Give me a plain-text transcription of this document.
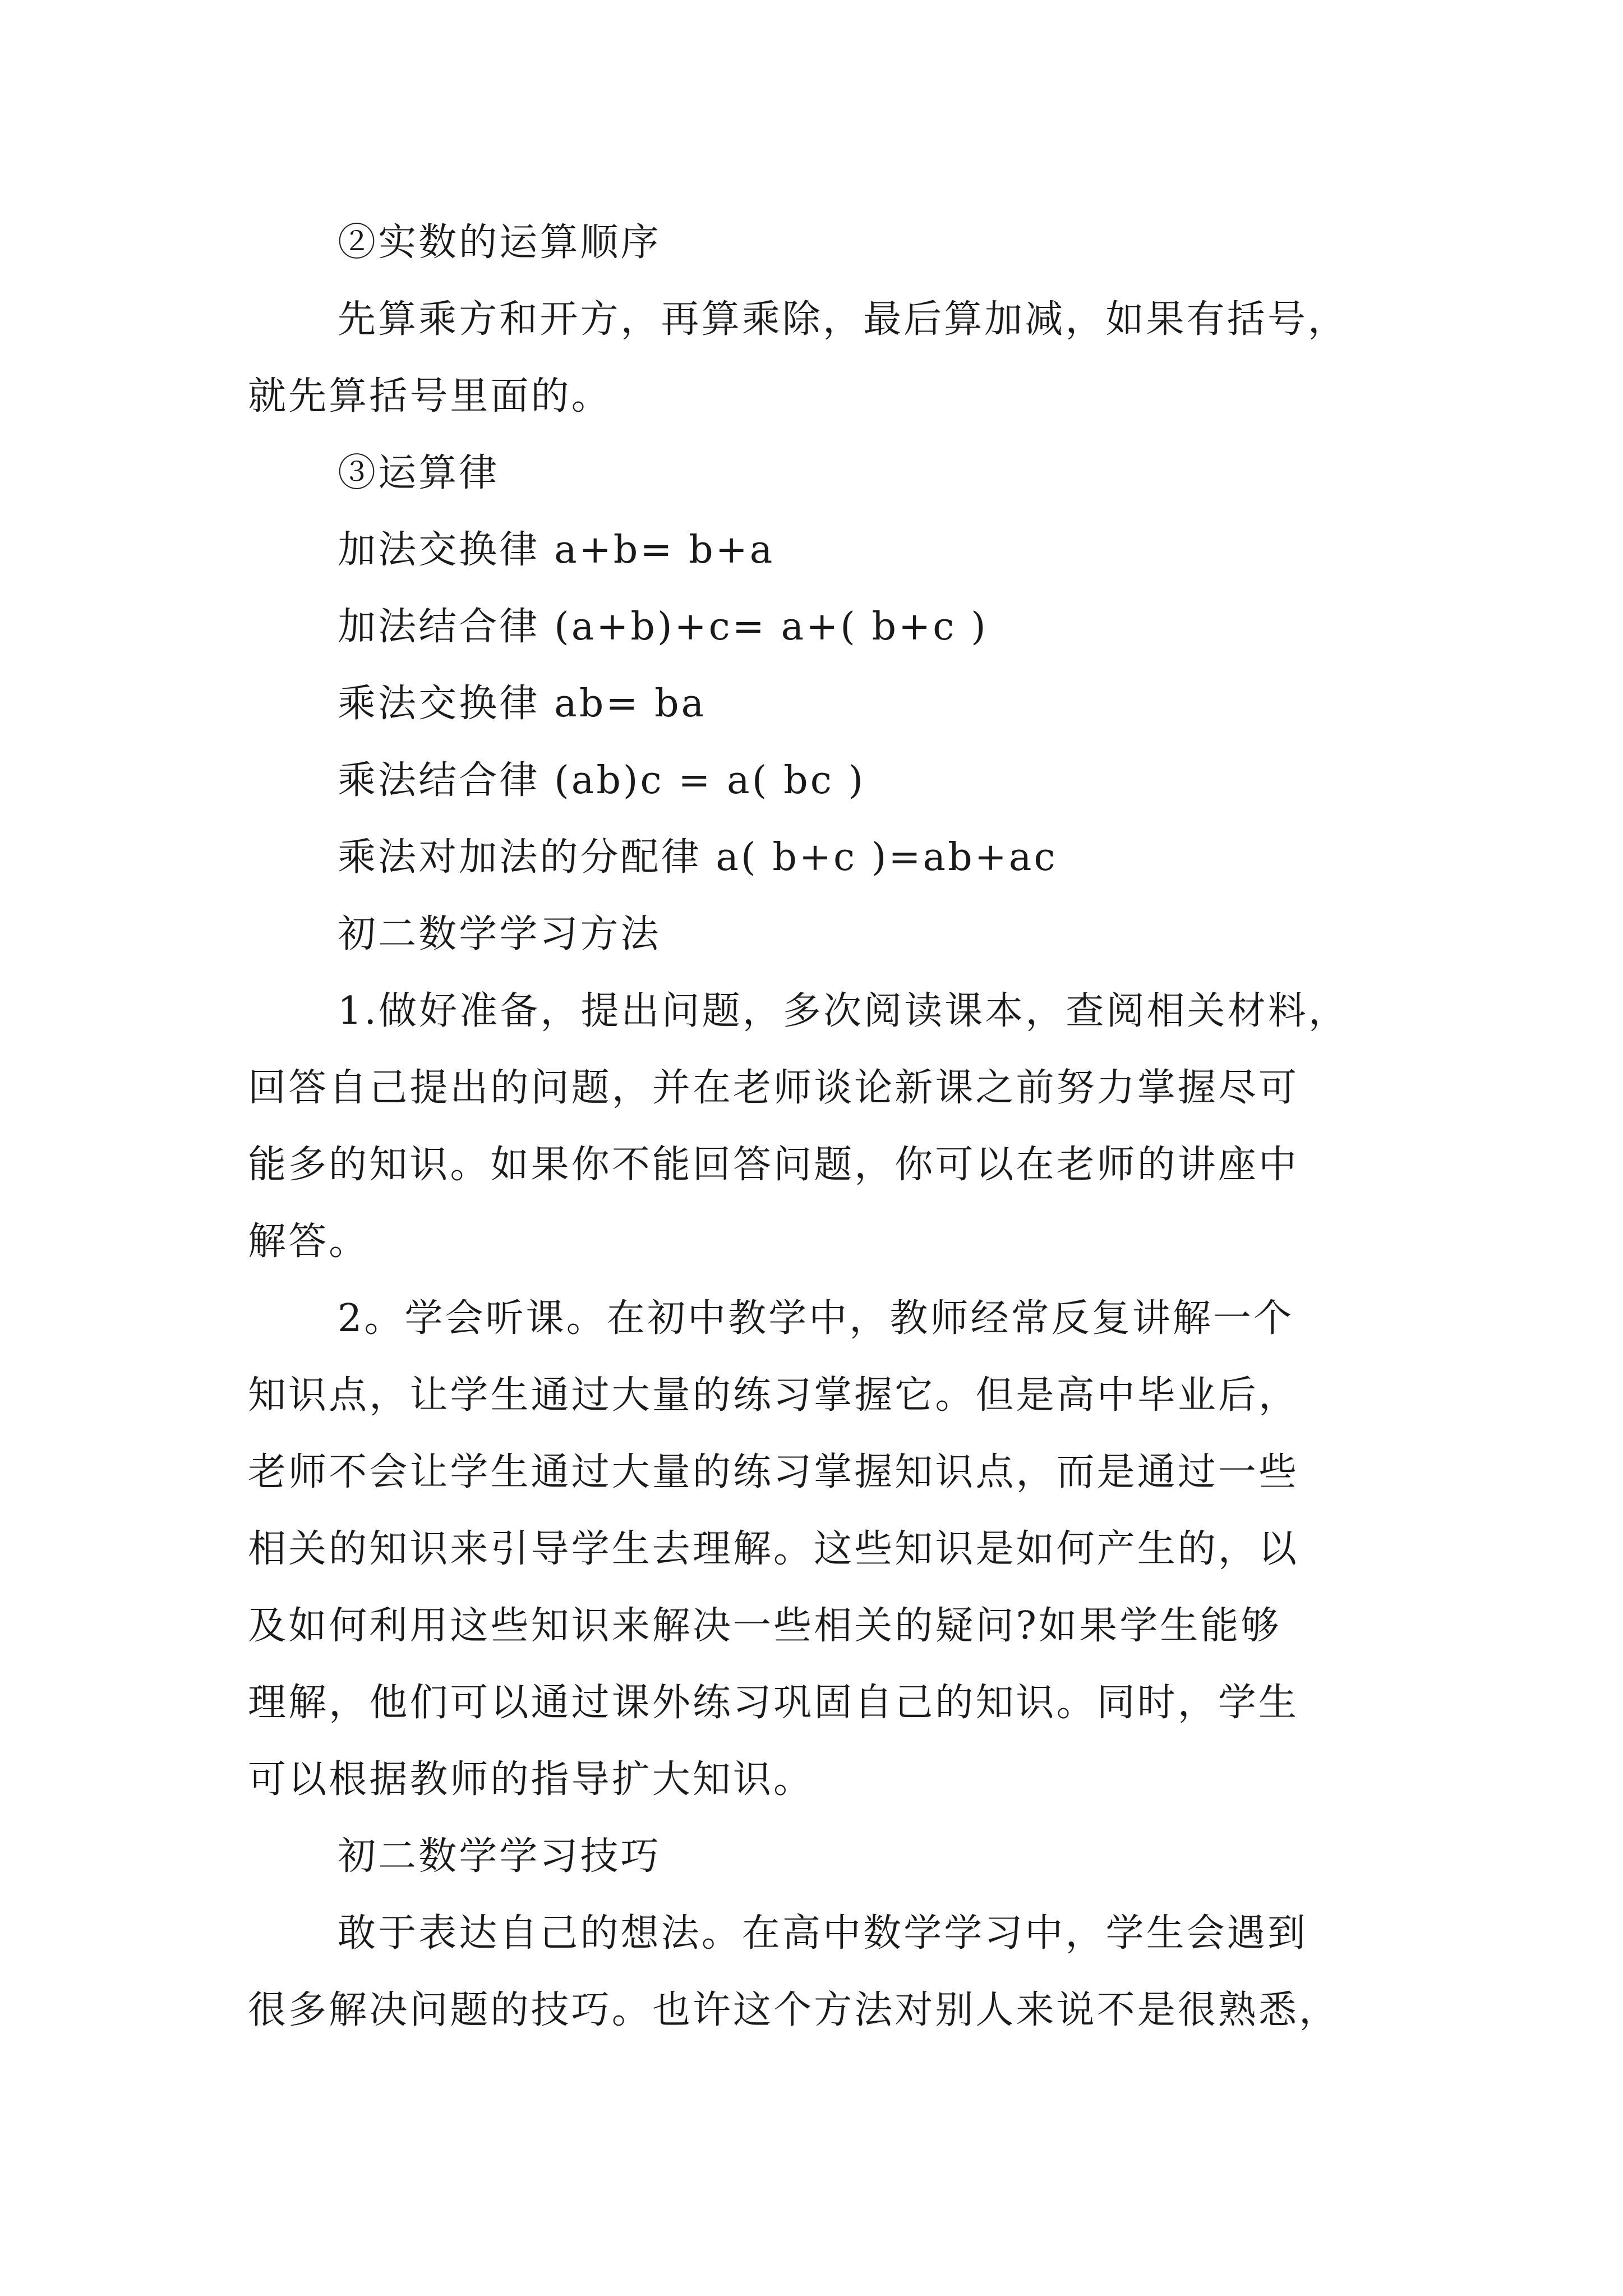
②实数的运算顺序
先算乘方和开方，再算乘除，最后算加减，如果有括号，
就先算括号里面的。
③运算律
加法交换律 a+b= b+a
加法结合律 (a+b)+c= a+( b+c )
乘法交换律 ab= ba
乘法结合律 (ab)c = a( bc )
乘法对加法的分配律 a( b+c )=ab+ac
初二数学学习方法
1.做好准备，提出问题，多次阅读课本，查阅相关材料，
回答自己提出的问题，并在老师谈论新课之前努力掌握尽可
能多的知识。如果你不能回答问题，你可以在老师的讲座中
解答。
2。学会听课。在初中教学中，教师经常反复讲解一个
知识点，让学生通过大量的练习掌握它。但是高中毕业后，
老师不会让学生通过大量的练习掌握知识点，而是通过一些
相关的知识来引导学生去理解。这些知识是如何产生的，以
及如何利用这些知识来解决一些相关的疑问?如果学生能够
理解，他们可以通过课外练习巩固自己的知识。同时，学生
可以根据教师的指导扩大知识。
初二数学学习技巧
敢于表达自己的想法。在高中数学学习中，学生会遇到
很多解决问题的技巧。也许这个方法对别人来说不是很熟悉，
